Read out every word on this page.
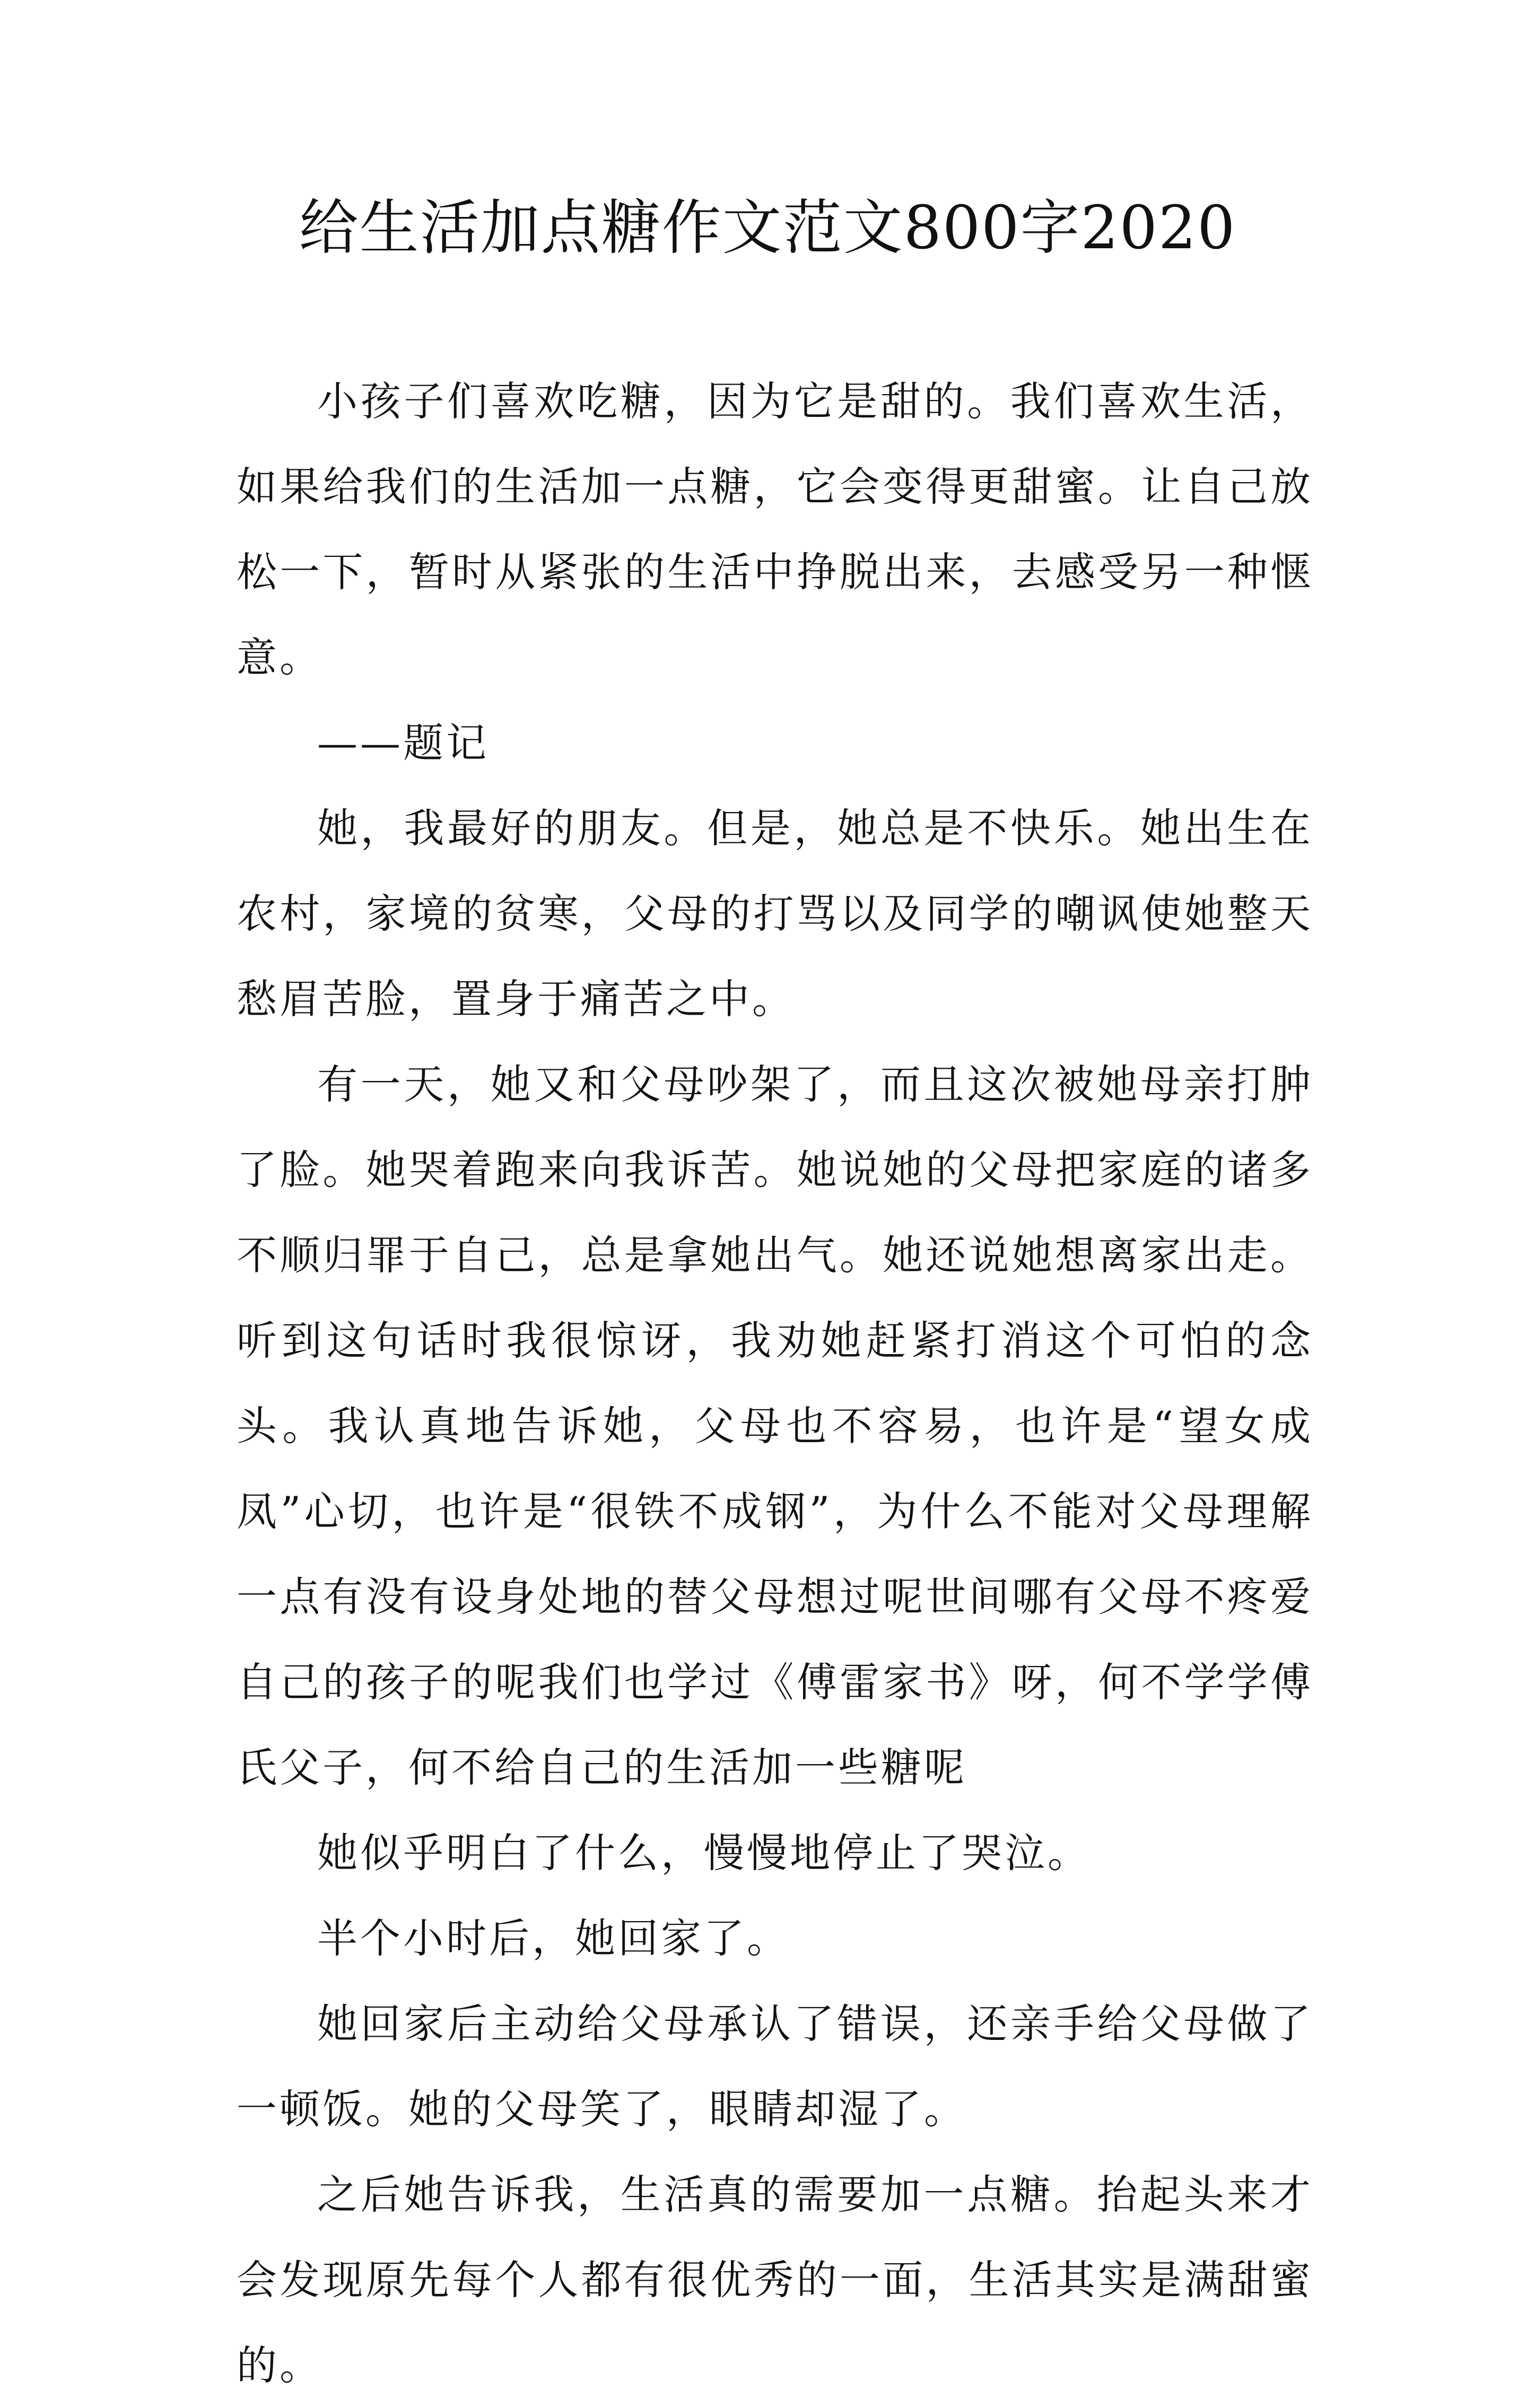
给生活加点糖作文范文800字2020

小孩子们喜欢吃糖，因为它是甜的。我们喜欢生活，如果给我们的生活加一点糖，它会变得更甜蜜。让自己放松一下，暂时从紧张的生活中挣脱出来，去感受另一种惬意。

——题记

她，我最好的朋友。但是，她总是不快乐。她出生在农村，家境的贫寒，父母的打骂以及同学的嘲讽使她整天愁眉苦脸，置身于痛苦之中。

有一天，她又和父母吵架了，而且这次被她母亲打肿了脸。她哭着跑来向我诉苦。她说她的父母把家庭的诸多不顺归罪于自己，总是拿她出气。她还说她想离家出走。听到这句话时我很惊讶，我劝她赶紧打消这个可怕的念头。我认真地告诉她，父母也不容易，也许是“望女成凤”心切，也许是“很铁不成钢”，为什么不能对父母理解一点有没有设身处地的替父母想过呢世间哪有父母不疼爱自己的孩子的呢我们也学过《傅雷家书》呀，何不学学傅氏父子，何不给自己的生活加一些糖呢

她似乎明白了什么，慢慢地停止了哭泣。

半个小时后，她回家了。

她回家后主动给父母承认了错误，还亲手给父母做了一顿饭。她的父母笑了，眼睛却湿了。

之后她告诉我，生活真的需要加一点糖。抬起头来才会发现原先每个人都有很优秀的一面，生活其实是满甜蜜的。
